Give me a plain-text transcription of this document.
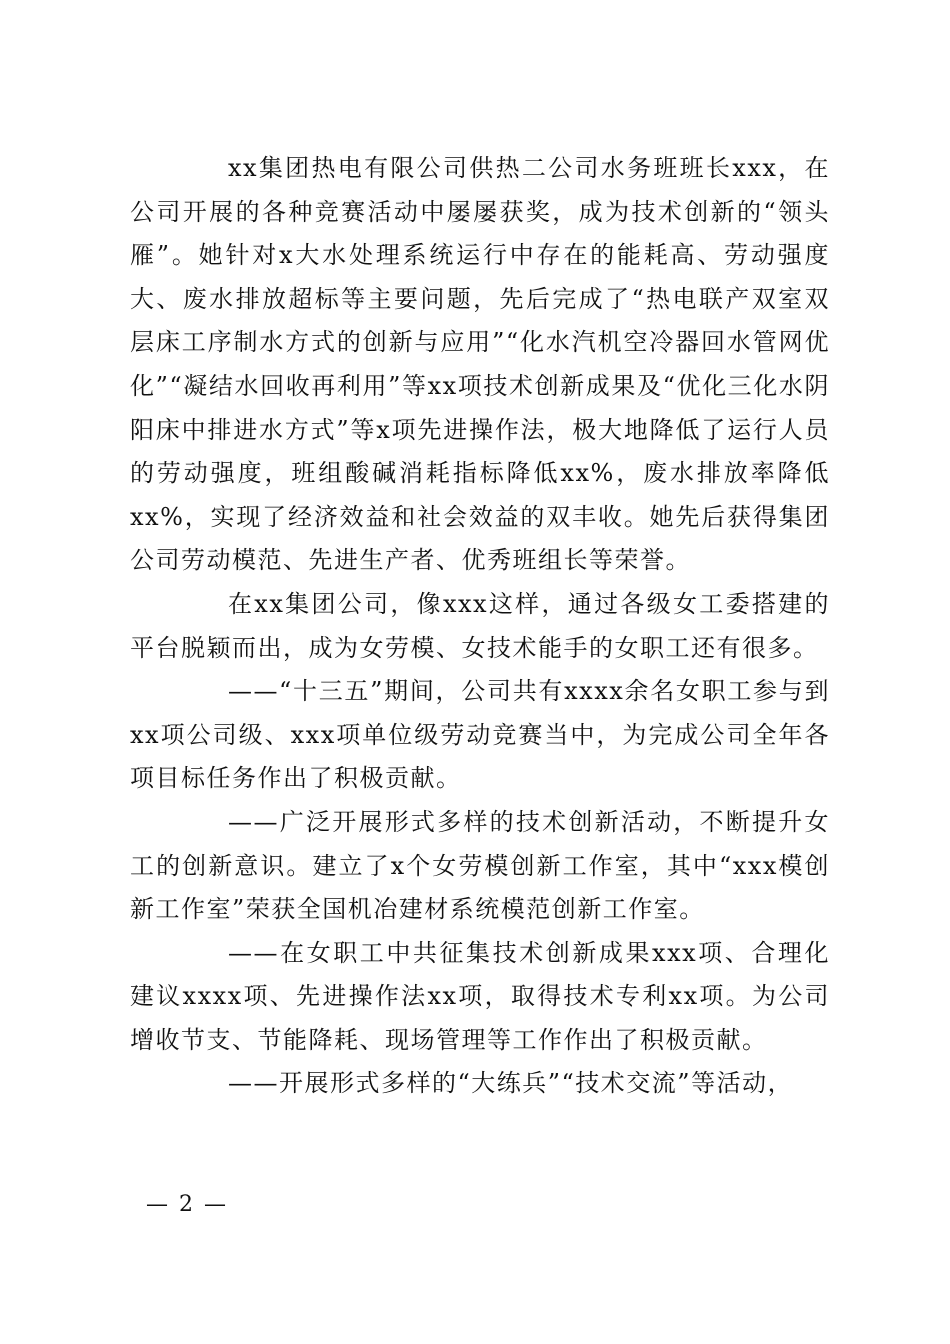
xx集团热电有限公司供热二公司水务班班长xxx，在公司开展的各种竞赛活动中屡屡获奖，成为技术创新的“领头雁”。她针对x大水处理系统运行中存在的能耗高、劳动强度大、废水排放超标等主要问题，先后完成了“热电联产双室双层床工序制水方式的创新与应用”“化水汽机空冷器回水管网优化”“凝结水回收再利用”等xx项技术创新成果及“优化三化水阴阳床中排进水方式”等x项先进操作法，极大地降低了运行人员的劳动强度，班组酸碱消耗指标降低xx%，废水排放率降低xx%，实现了经济效益和社会效益的双丰收。她先后获得集团公司劳动模范、先进生产者、优秀班组长等荣誉。

在xx集团公司，像xxx这样，通过各级女工委搭建的平台脱颖而出，成为女劳模、女技术能手的女职工还有很多。

——“十三五”期间，公司共有xxxx余名女职工参与到xx项公司级、xxx项单位级劳动竞赛当中，为完成公司全年各项目标任务作出了积极贡献。

——广泛开展形式多样的技术创新活动，不断提升女工的创新意识。建立了x个女劳模创新工作室，其中“xxx模创新工作室”荣获全国机冶建材系统模范创新工作室。

——在女职工中共征集技术创新成果xxx项、合理化建议xxxx项、先进操作法xx项，取得技术专利xx项。为公司增收节支、节能降耗、现场管理等工作作出了积极贡献。

——开展形式多样的“大练兵”“技术交流”等活动，

— 2 —
